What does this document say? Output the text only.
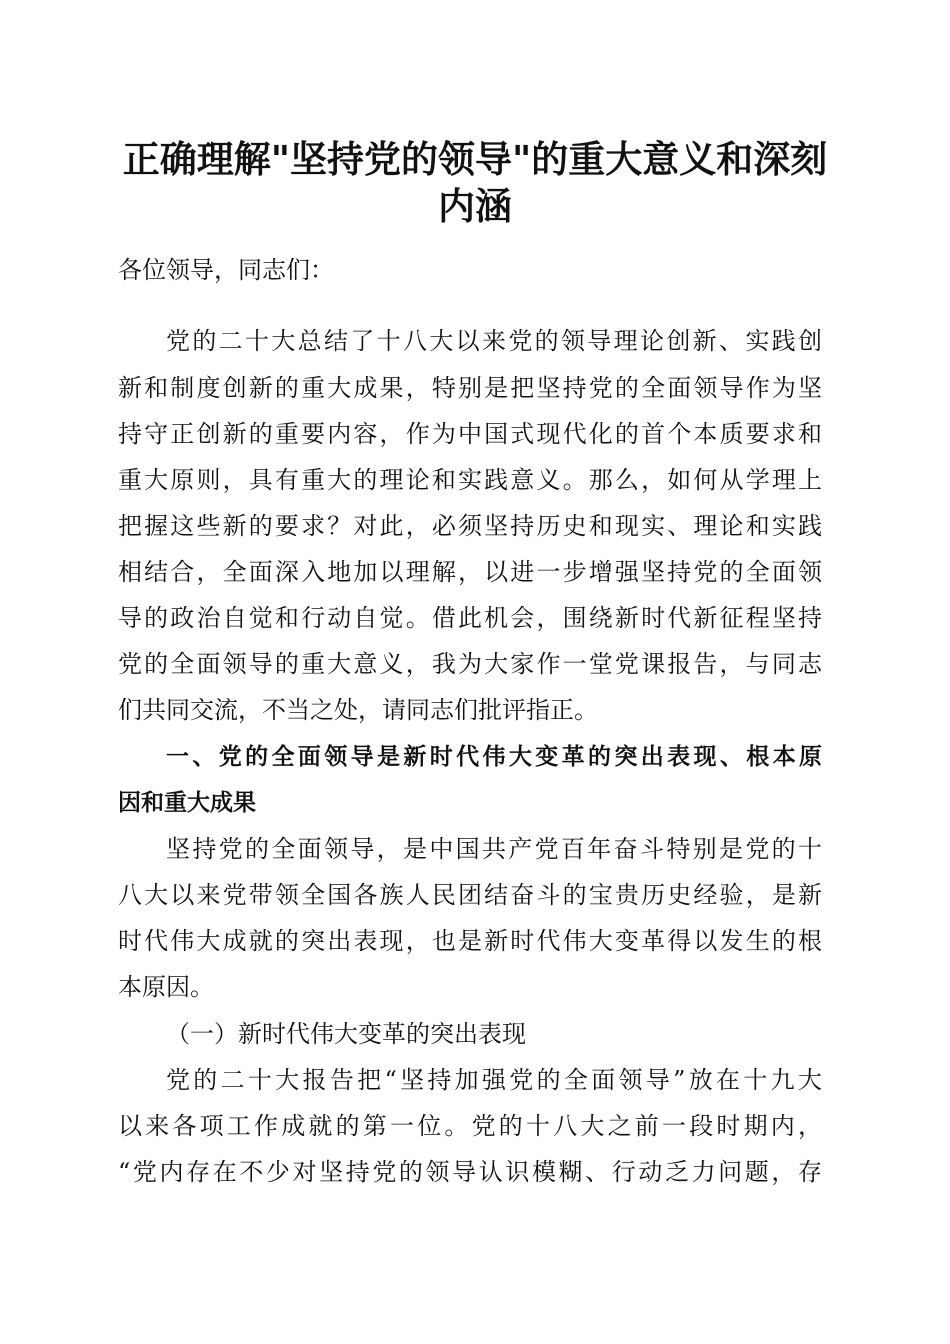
正确理解"坚持党的领导"的重大意义和深刻
内涵
各位领导，同志们：
党的二十大总结了十八大以来党的领导理论创新、实践创
新和制度创新的重大成果，特别是把坚持党的全面领导作为坚
持守正创新的重要内容，作为中国式现代化的首个本质要求和
重大原则，具有重大的理论和实践意义。那么，如何从学理上
把握这些新的要求？对此，必须坚持历史和现实、理论和实践
相结合，全面深入地加以理解，以进一步增强坚持党的全面领
导的政治自觉和行动自觉。借此机会，围绕新时代新征程坚持
党的全面领导的重大意义，我为大家作一堂党课报告，与同志
们共同交流，不当之处，请同志们批评指正。
一、党的全面领导是新时代伟大变革的突出表现、根本原
因和重大成果
坚持党的全面领导，是中国共产党百年奋斗特别是党的十
八大以来党带领全国各族人民团结奋斗的宝贵历史经验，是新
时代伟大成就的突出表现，也是新时代伟大变革得以发生的根
本原因。
（一）新时代伟大变革的突出表现
党的二十大报告把“坚持加强党的全面领导”放在十九大
以来各项工作成就的第一位。党的十八大之前一段时期内，
“党内存在不少对坚持党的领导认识模糊、行动乏力问题，存
